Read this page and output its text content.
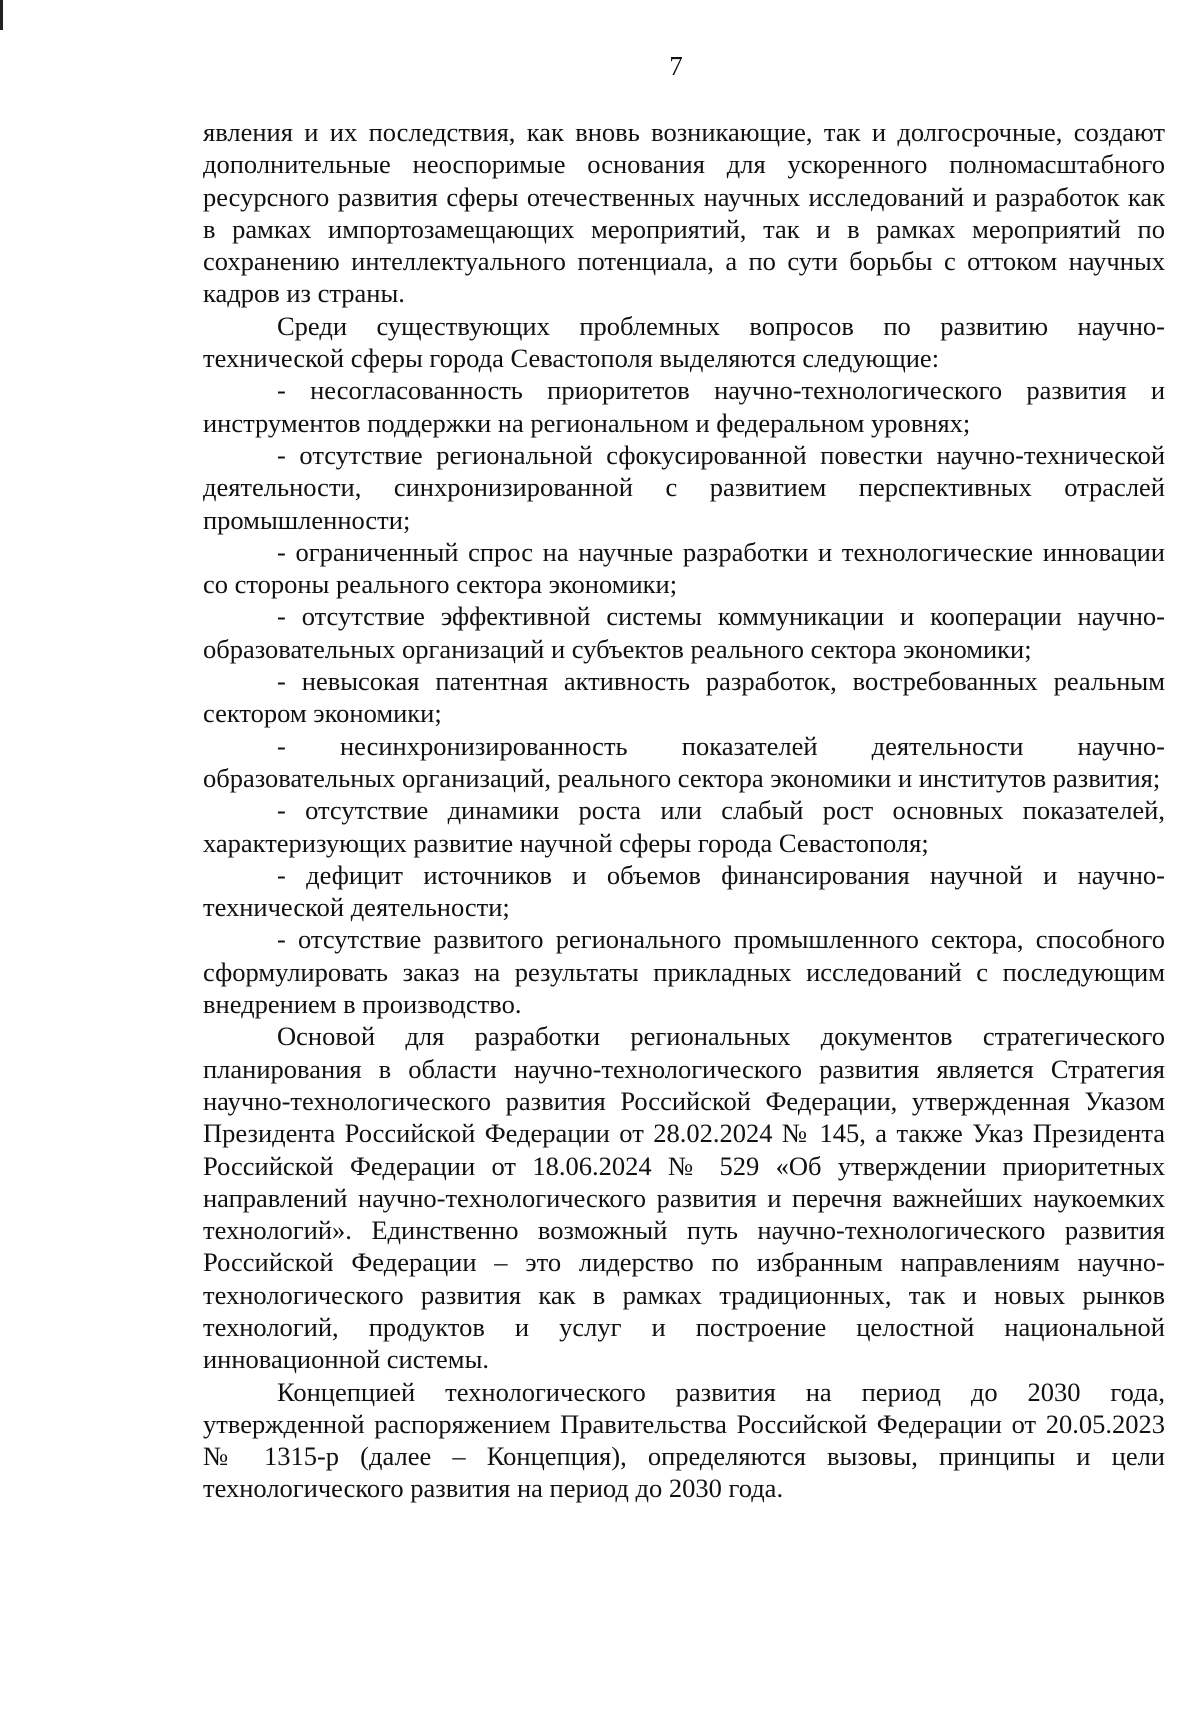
7

явления и их последствия, как вновь возникающие, так и долгосрочные, создают дополнительные неоспоримые основания для ускоренного полномасштабного ресурсного развития сферы отечественных научных исследований и разработок как в рамках импортозамещающих мероприятий, так и в рамках мероприятий по сохранению интеллектуального потенциала, а по сути борьбы с оттоком научных кадров из страны.

Среди существующих проблемных вопросов по развитию научно-технической сферы города Севастополя выделяются следующие:

- несогласованность приоритетов научно-технологического развития и инструментов поддержки на региональном и федеральном уровнях;

- отсутствие региональной сфокусированной повестки научно-технической деятельности, синхронизированной с развитием перспективных отраслей промышленности;

- ограниченный спрос на научные разработки и технологические инновации со стороны реального сектора экономики;

- отсутствие эффективной системы коммуникации и кооперации научно-образовательных организаций и субъектов реального сектора экономики;

- невысокая патентная активность разработок, востребованных реальным сектором экономики;

- несинхронизированность показателей деятельности научно-образовательных организаций, реального сектора экономики и институтов развития;

- отсутствие динамики роста или слабый рост основных показателей, характеризующих развитие научной сферы города Севастополя;

- дефицит источников и объемов финансирования научной и научно-технической деятельности;

- отсутствие развитого регионального промышленного сектора, способного сформулировать заказ на результаты прикладных исследований с последующим внедрением в производство.

Основой для разработки региональных документов стратегического планирования в области научно-технологического развития является Стратегия научно-технологического развития Российской Федерации, утвержденная Указом Президента Российской Федерации от 28.02.2024 № 145, а также Указ Президента Российской Федерации от 18.06.2024 № 529 «Об утверждении приоритетных направлений научно-технологического развития и перечня важнейших наукоемких технологий». Единственно возможный путь научно-технологического развития Российской Федерации – это лидерство по избранным направлениям научно-технологического развития как в рамках традиционных, так и новых рынков технологий, продуктов и услуг и построение целостной национальной инновационной системы.

Концепцией технологического развития на период до 2030 года, утвержденной распоряжением Правительства Российской Федерации от 20.05.2023 № 1315-р (далее – Концепция), определяются вызовы, принципы и цели технологического развития на период до 2030 года.
